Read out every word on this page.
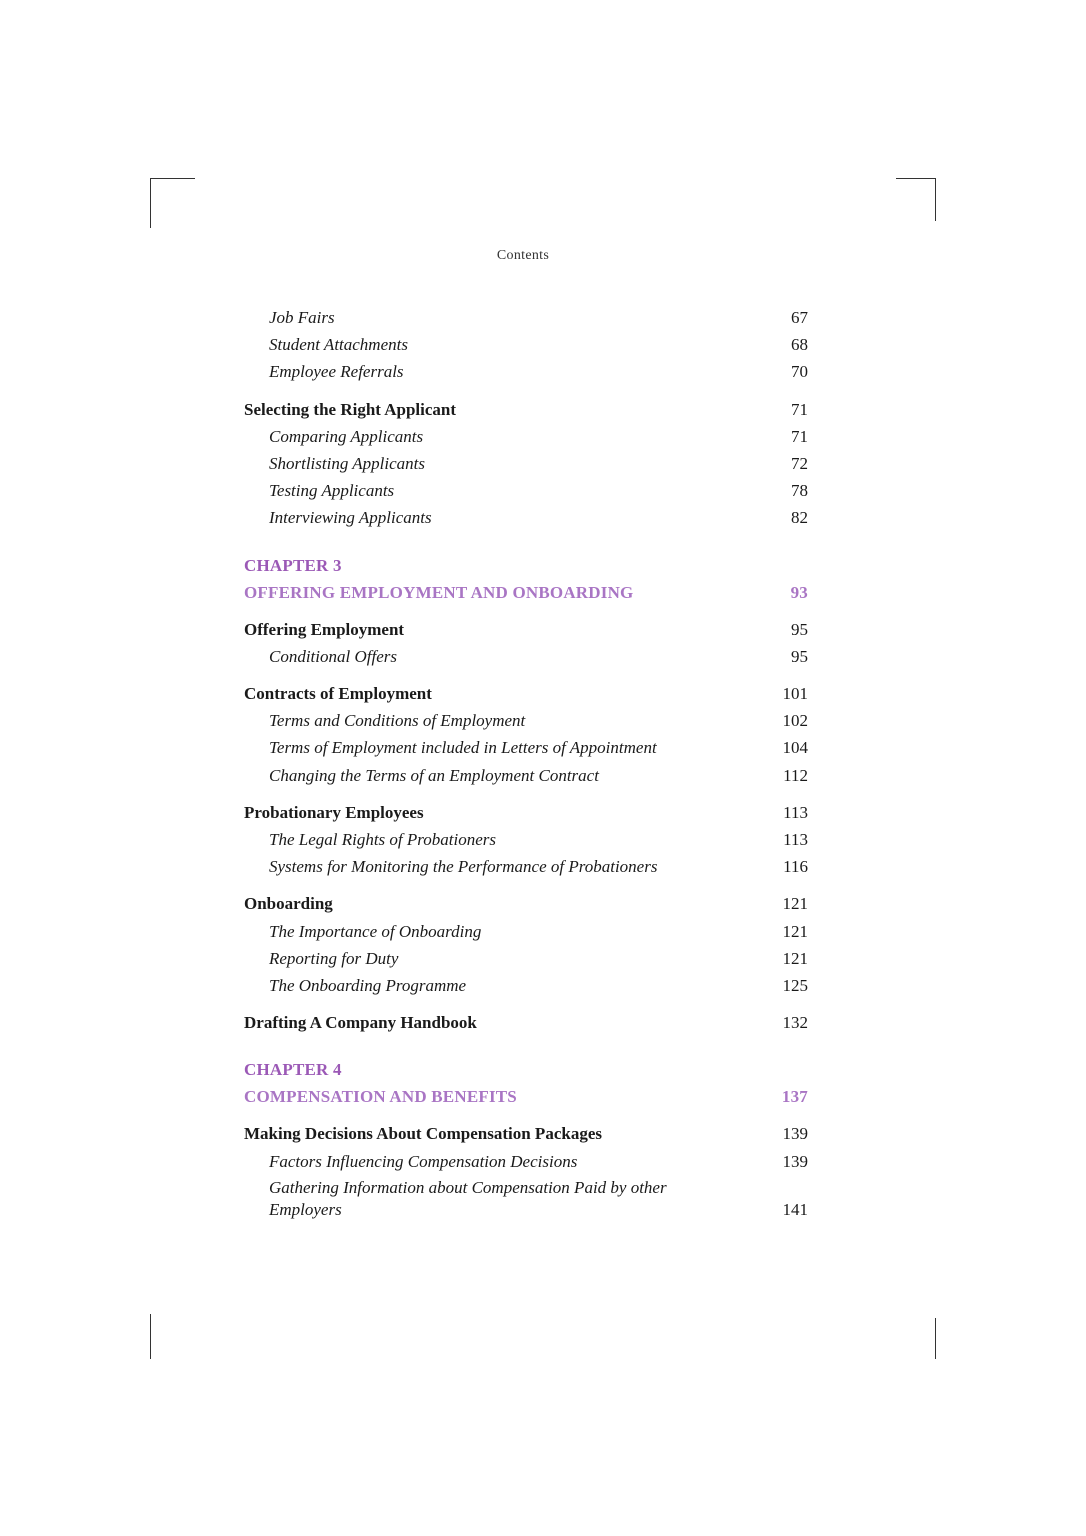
Contents
Job Fairs	67
Student Attachments	68
Employee Referrals	70
Selecting the Right Applicant	71
Comparing Applicants	71
Shortlisting Applicants	72
Testing Applicants	78
Interviewing Applicants	82
CHAPTER 3
OFFERING EMPLOYMENT AND ONBOARDING	93
Offering Employment	95
Conditional Offers	95
Contracts of Employment	101
Terms and Conditions of Employment	102
Terms of Employment included in Letters of Appointment	104
Changing the Terms of an Employment Contract	112
Probationary Employees	113
The Legal Rights of Probationers	113
Systems for Monitoring the Performance of Probationers	116
Onboarding	121
The Importance of Onboarding	121
Reporting for Duty	121
The Onboarding Programme	125
Drafting A Company Handbook	132
CHAPTER 4
COMPENSATION AND BENEFITS	137
Making Decisions About Compensation Packages	139
Factors Influencing Compensation Decisions	139
Gathering Information about Compensation Paid by other Employers	141
